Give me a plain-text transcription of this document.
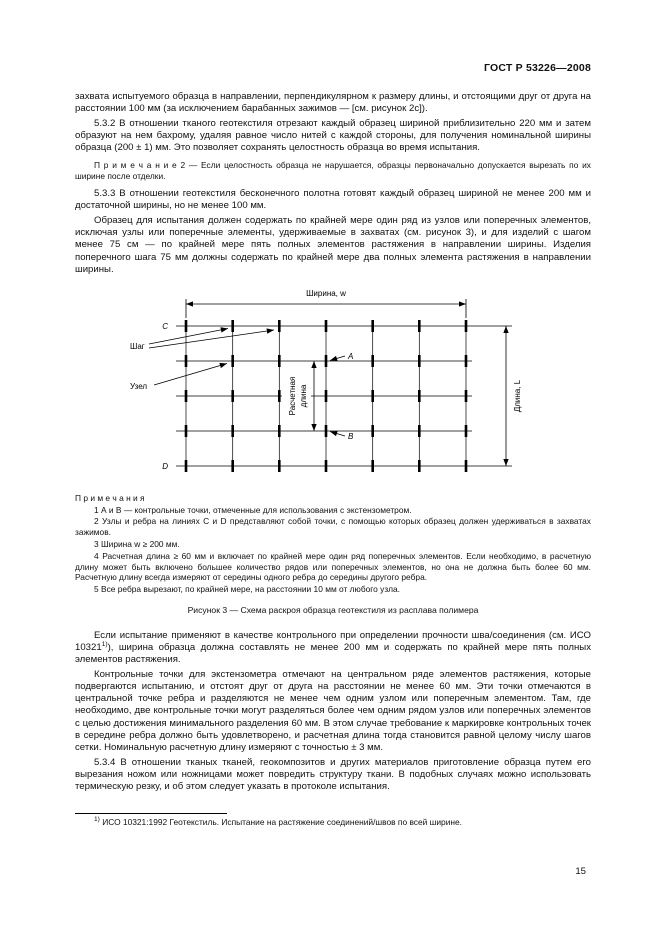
ГОСТ Р 53226—2008

захвата испытуемого образца в направлении, перпендикулярном к размеру длины, и отстоящими друг от друга на расстоянии 100 мм (за исключением барабанных зажимов — [см. рисунок 2c]).

5.3.2 В отношении тканого геотекстиля отрезают каждый образец шириной приблизительно 220 мм и затем образуют на нем бахрому, удаляя равное число нитей с каждой стороны, для получения номинальной ширины образца (200 ± 1) мм. Это позволяет сохранять целостность образца во время испытания.

П р и м е ч а н и е 2 — Если целостность образца не нарушается, образцы первоначально допускается вырезать по их ширине после отделки.

5.3.3 В отношении геотекстиля бесконечного полотна готовят каждый образец шириной не менее 200 мм и достаточной ширины, но не менее 100 мм.

Образец для испытания должен содержать по крайней мере один ряд из узлов или поперечных элементов, исключая узлы или поперечные элементы, удерживаемые в захватах (см. рисунок 3), и для изделий с шагом менее 75 см — по крайней мере пять полных элементов растяжения в направлении ширины. Изделия поперечного шага 75 мм должны содержать по крайней мере два полных элемента растяжения в направлении ширины.

Ширина, w
Длина, L
Расчетная длина
A
B
C
D
Шаг
Узел

П р и м е ч а н и я

1 А и В — контрольные точки, отмеченные для использования с экстензометром.

2 Узлы и ребра на линиях С и D представляют собой точки, с помощью которых образец должен удерживаться в захватах зажимов.

3 Ширина w ≥ 200 мм.

4 Расчетная длина ≥ 60 мм и включает по крайней мере один ряд поперечных элементов. Если необходимо, в расчетную длину может быть включено большее количество рядов или поперечных элементов, но она не должна быть более 60 мм. Расчетную длину всегда измеряют от середины одного ребра до середины другого ребра.

5 Все ребра вырезают, по крайней мере, на расстоянии 10 мм от любого узла.

Рисунок 3 — Схема раскроя образца геотекстиля из расплава полимера

Если испытание применяют в качестве контрольного при определении прочности шва/соединения (см. ИСО 10321$^{1)}$), ширина образца должна составлять не менее 200 мм и содержать по крайней мере пять полных элементов растяжения.

Контрольные точки для экстензометра отмечают на центральном ряде элементов растяжения, которые подвергаются испытанию, и отстоят друг от друга на расстоянии не менее 60 мм. Эти точки отмечаются в центральной точке ребра и разделяются не менее чем одним узлом или поперечным элементом. Там, где необходимо, две контрольные точки могут разделяться более чем одним рядом узлов или поперечных элементов с целью достижения минимального разделения 60 мм. В этом случае требование к маркировке контрольных точек в середине ребра должно быть удовлетворено, и расчетная длина тогда становится равной целому числу шагов сетки. Номинальную расчетную длину измеряют с точностью ± 3 мм.

5.3.4 В отношении тканых тканей, геокомпозитов и других материалов приготовление образца путем его вырезания ножом или ножницами может повредить структуру ткани. В подобных случаях можно использовать термическую резку, и об этом следует указать в протоколе испытания.

$^{1)}$ ИСО 10321:1992 Геотекстиль. Испытание на растяжение соединений/швов по всей ширине.

15
